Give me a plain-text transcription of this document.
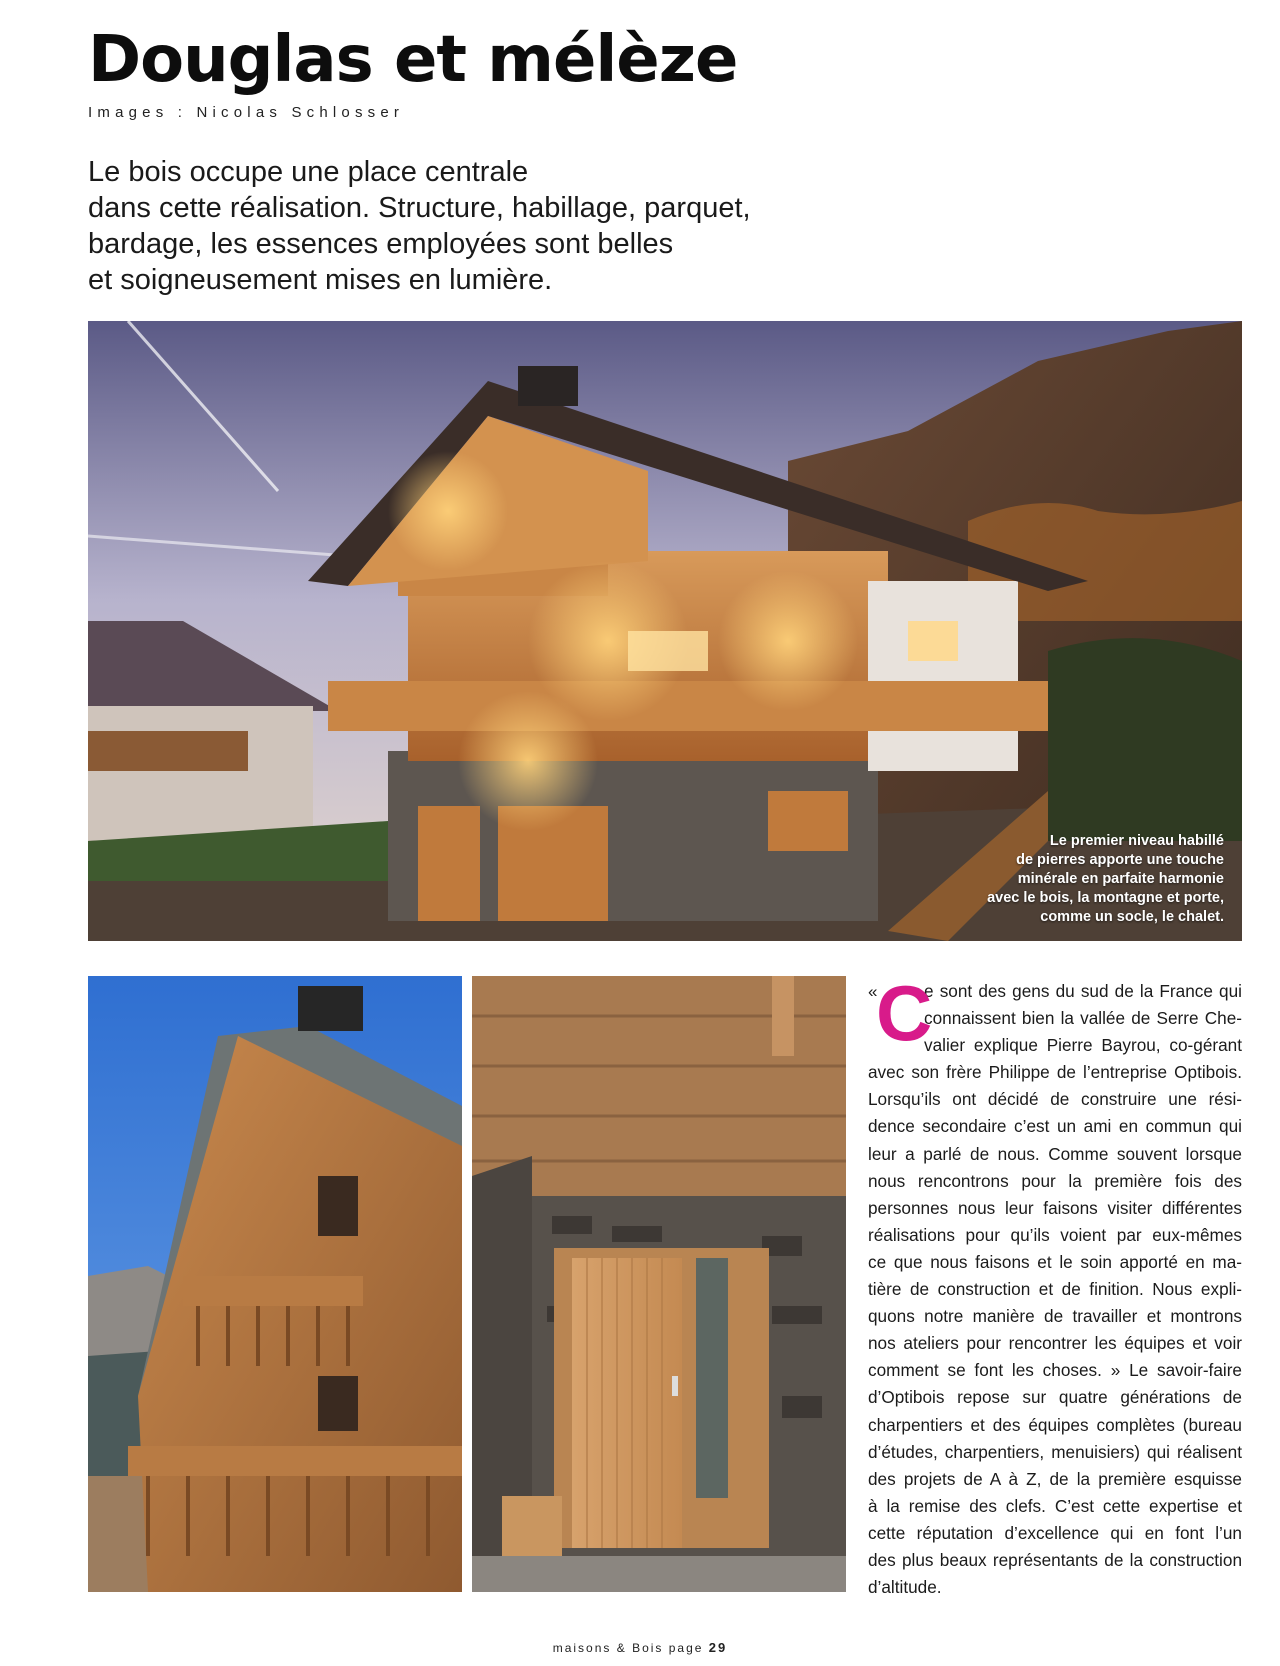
Douglas et mélèze
Images : Nicolas Schlosser

Le bois occupe une place centrale
dans cette réalisation. Structure, habillage, parquet,
bardage, les essences employées sont belles
et soigneusement mises en lumière.

Le premier niveau habillé
de pierres apporte une touche
minérale en parfaite harmonie
avec le bois, la montagne et porte,
comme un socle, le chalet.
«
C
e sont des gens du sud de la France qui
connaissent bien la vallée de Serre Che-
valier explique Pierre Bayrou, co-gérant
avec son frère Philippe de l’entreprise Optibois.
Lorsqu’ils ont décidé de construire une rési-
dence secondaire c’est un ami en commun qui
leur a parlé de nous. Comme souvent lorsque
nous rencontrons pour la première fois des
personnes nous leur faisons visiter différentes
réalisations pour qu’ils voient par eux-mêmes
ce que nous faisons et le soin apporté en ma-
tière de construction et de finition. Nous expli-
quons notre manière de travailler et montrons
nos ateliers pour rencontrer les équipes et voir
comment se font les choses. » Le savoir-faire
d’Optibois repose sur quatre générations de
charpentiers et des équipes complètes (bureau
d’études, charpentiers, menuisiers) qui réalisent
des projets de A à Z, de la première esquisse
à la remise des clefs. C’est cette expertise et
cette réputation d’excellence qui en font l’un
des plus beaux représentants de la construction
d’altitude.
maisons & Bois page 29
